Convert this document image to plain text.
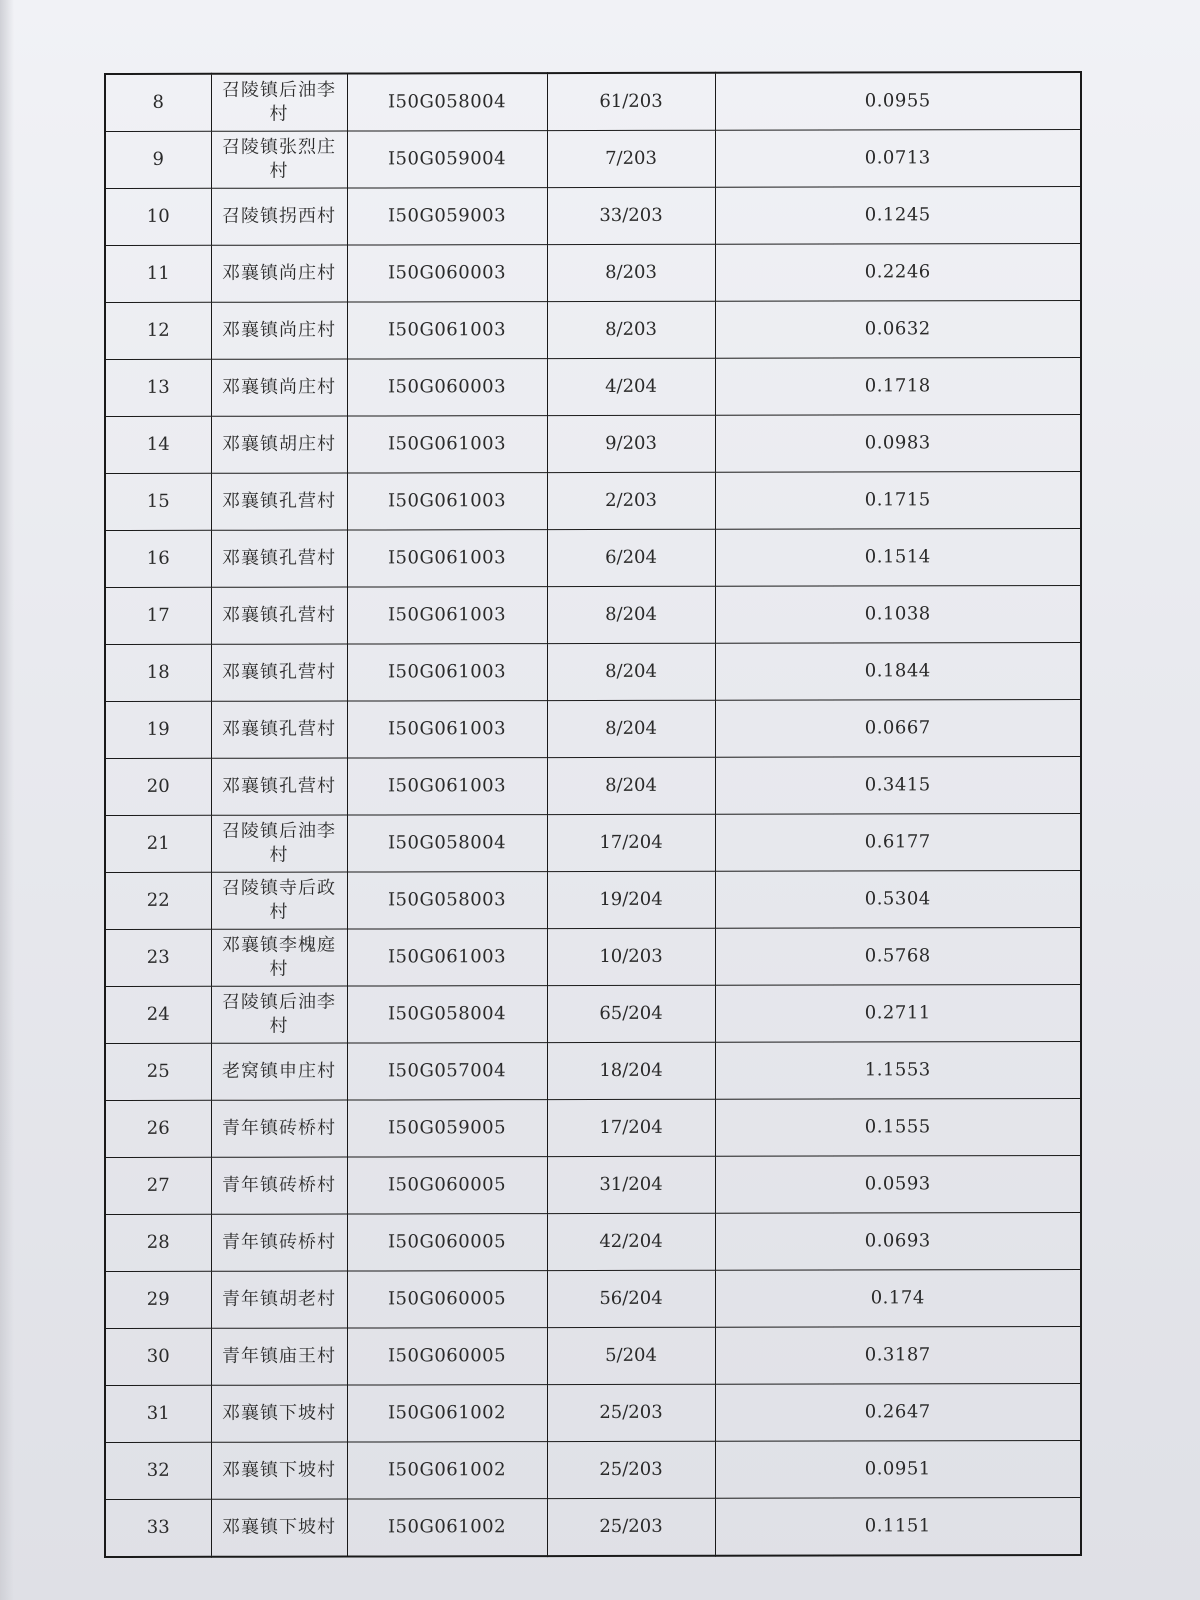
8	召陵镇后油李村	I50G058004	61/203	0.0955
9	召陵镇张烈庄村	I50G059004	7/203	0.0713
10	召陵镇拐西村	I50G059003	33/203	0.1245
11	邓襄镇尚庄村	I50G060003	8/203	0.2246
12	邓襄镇尚庄村	I50G061003	8/203	0.0632
13	邓襄镇尚庄村	I50G060003	4/204	0.1718
14	邓襄镇胡庄村	I50G061003	9/203	0.0983
15	邓襄镇孔营村	I50G061003	2/203	0.1715
16	邓襄镇孔营村	I50G061003	6/204	0.1514
17	邓襄镇孔营村	I50G061003	8/204	0.1038
18	邓襄镇孔营村	I50G061003	8/204	0.1844
19	邓襄镇孔营村	I50G061003	8/204	0.0667
20	邓襄镇孔营村	I50G061003	8/204	0.3415
21	召陵镇后油李村	I50G058004	17/204	0.6177
22	召陵镇寺后政村	I50G058003	19/204	0.5304
23	邓襄镇李槐庭村	I50G061003	10/203	0.5768
24	召陵镇后油李村	I50G058004	65/204	0.2711
25	老窝镇申庄村	I50G057004	18/204	1.1553
26	青年镇砖桥村	I50G059005	17/204	0.1555
27	青年镇砖桥村	I50G060005	31/204	0.0593
28	青年镇砖桥村	I50G060005	42/204	0.0693
29	青年镇胡老村	I50G060005	56/204	0.174
30	青年镇庙王村	I50G060005	5/204	0.3187
31	邓襄镇下坡村	I50G061002	25/203	0.2647
32	邓襄镇下坡村	I50G061002	25/203	0.0951
33	邓襄镇下坡村	I50G061002	25/203	0.1151
